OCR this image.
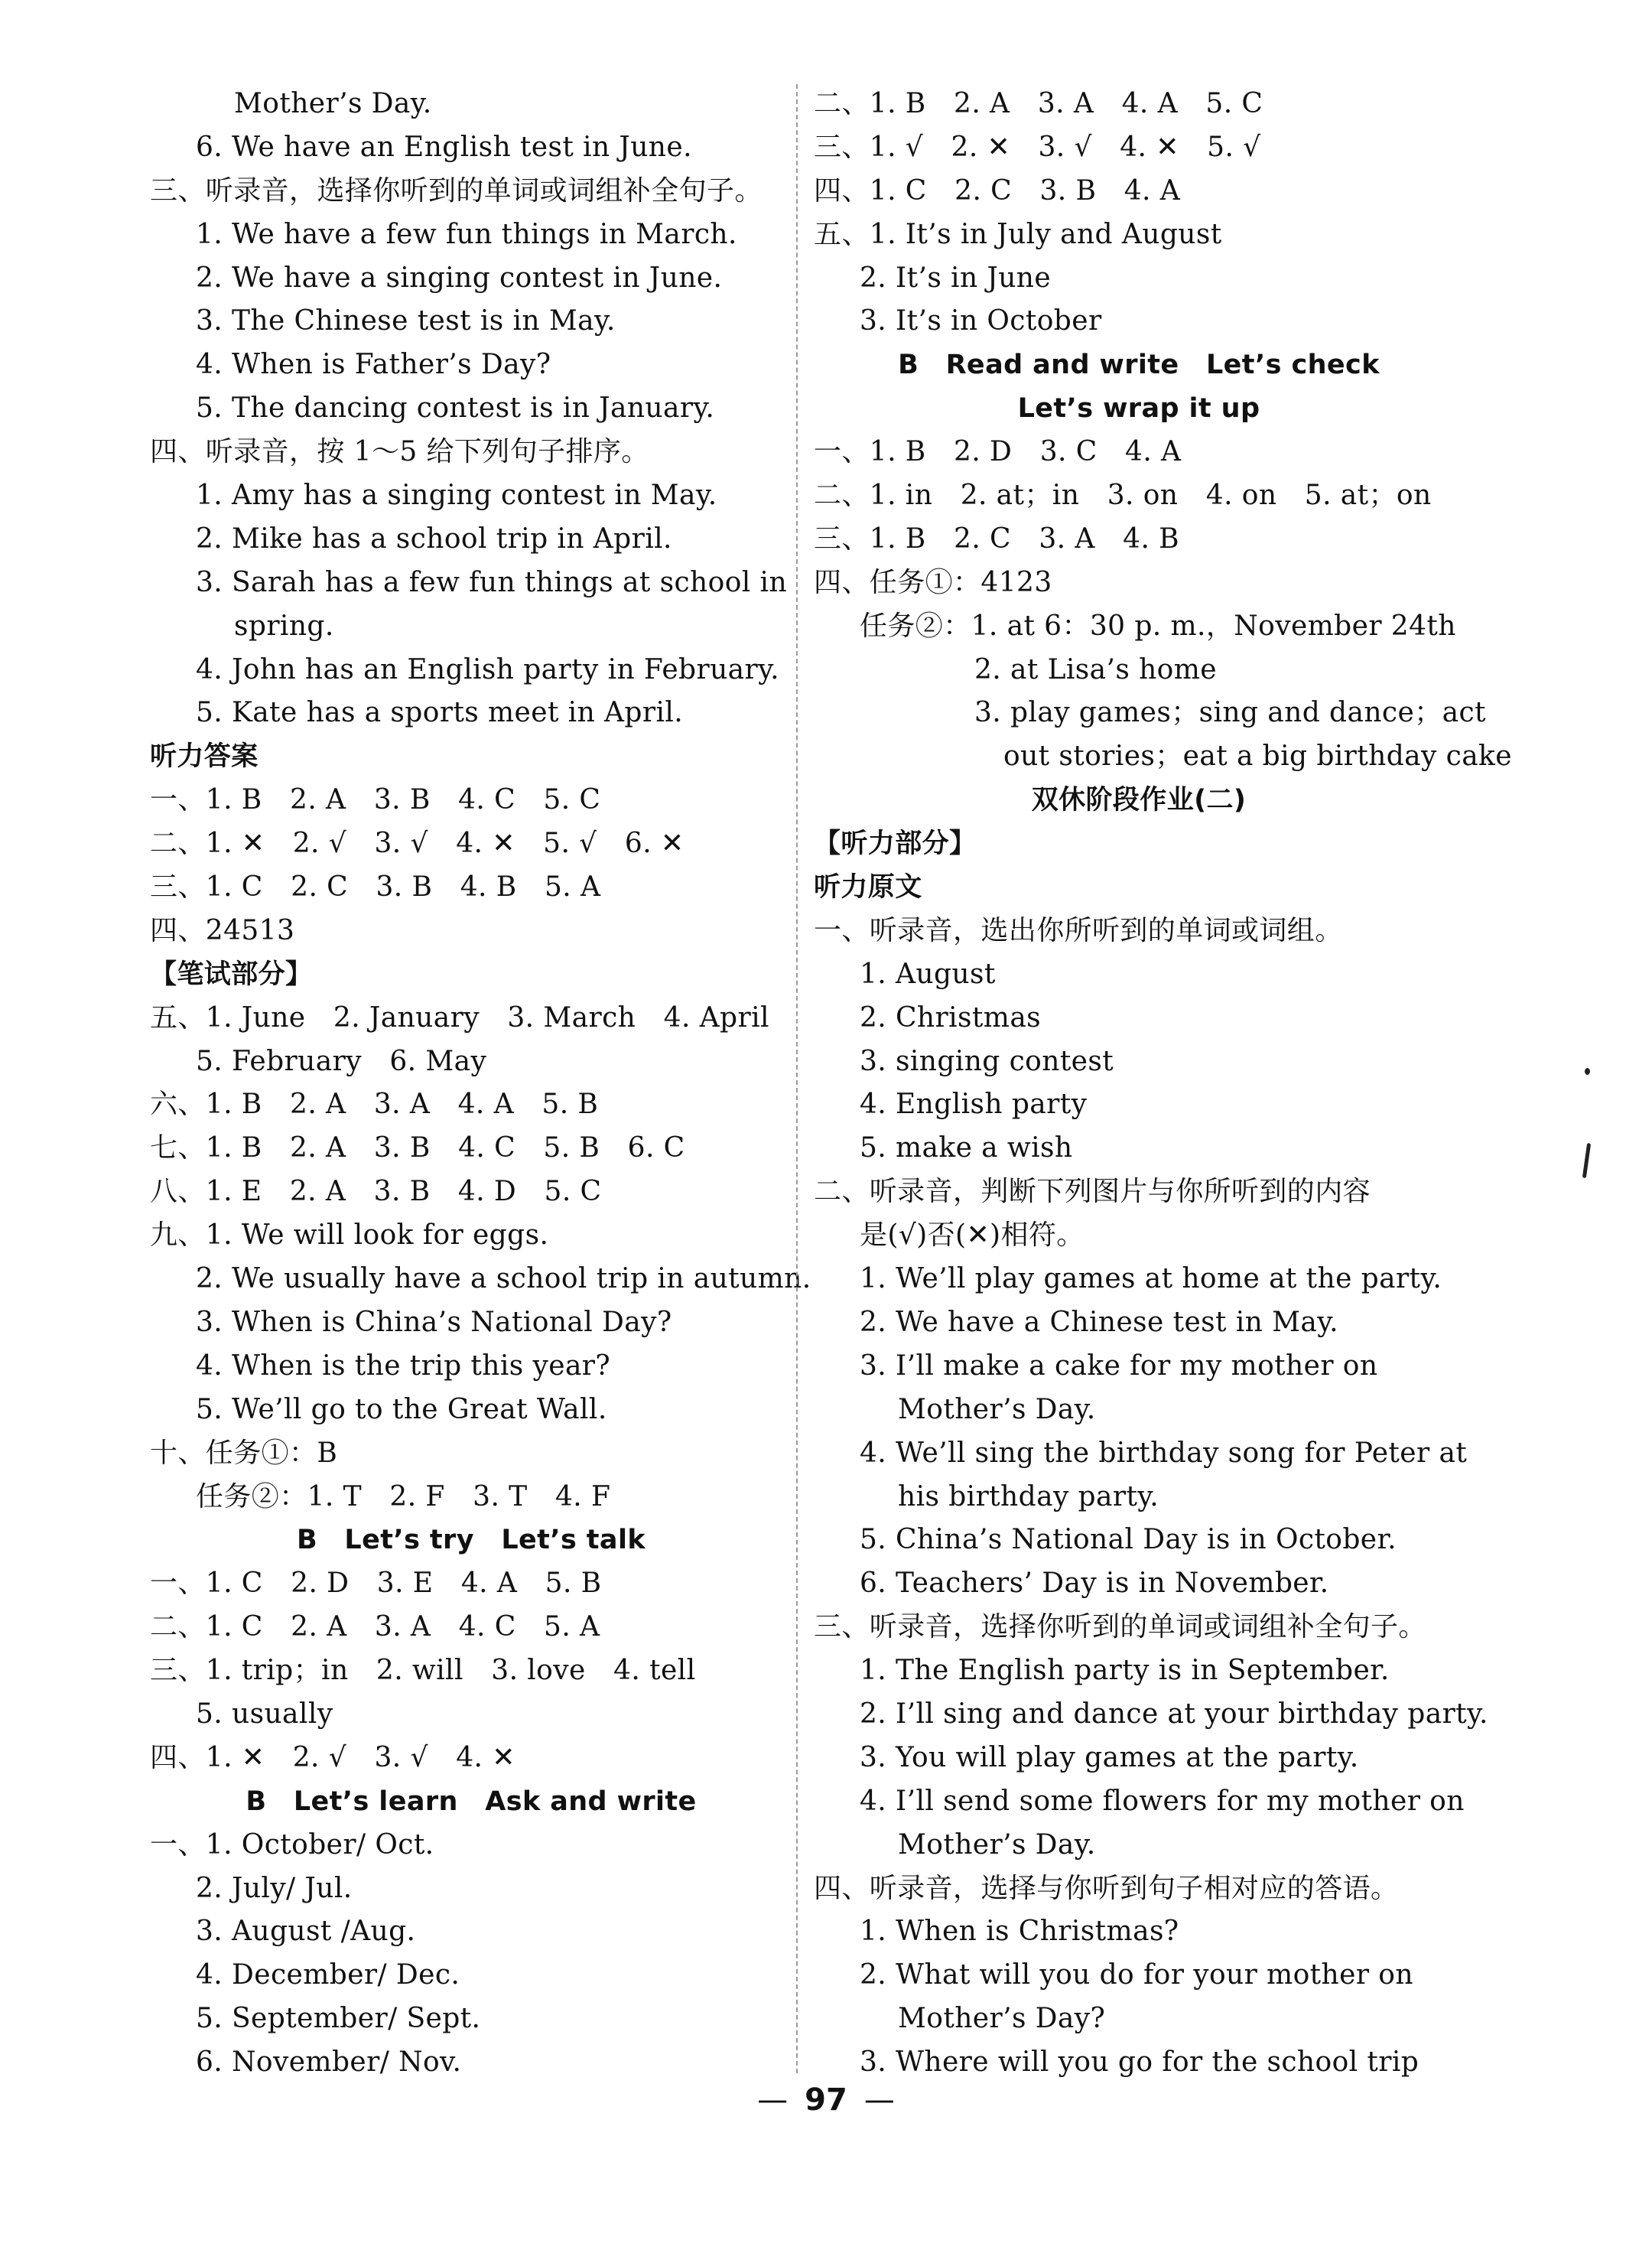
Mother’s Day.
6. We have an English test in June.
三、听录音，选择你听到的单词或词组补全句子。
1. We have a few fun things in March.
2. We have a singing contest in June.
3. The Chinese test is in May.
4. When is Father’s Day?
5. The dancing contest is in January.
四、听录音，按 1～5 给下列句子排序。
1. Amy has a singing contest in May.
2. Mike has a school trip in April.
3. Sarah has a few fun things at school in
spring.
4. John has an English party in February.
5. Kate has a sports meet in April.
听力答案
一、1. B　2. A　3. B　4. C　5. C
二、1. ✕　2. √　3. √　4. ✕　5. √　6. ✕
三、1. C　2. C　3. B　4. B　5. A
四、24513
【笔试部分】
五、1. June　2. January　3. March　4. April
5. February　6. May
六、1. B　2. A　3. A　4. A　5. B
七、1. B　2. A　3. B　4. C　5. B　6. C
八、1. E　2. A　3. B　4. D　5. C
九、1. We will look for eggs.
2. We usually have a school trip in autumn.
3. When is China’s National Day?
4. When is the trip this year?
5. We’ll go to the Great Wall.
十、任务①：B
任务②：1. T　2. F　3. T　4. F
B　Let’s try　Let’s talk
一、1. C　2. D　3. E　4. A　5. B
二、1. C　2. A　3. A　4. C　5. A
三、1. trip；in　2. will　3. love　4. tell
5. usually
四、1. ✕　2. √　3. √　4. ✕
B　Let’s learn　Ask and write
一、1. October/ Oct.
2. July/ Jul.
3. August /Aug.
4. December/ Dec.
5. September/ Sept.
6. November/ Nov.
二、1. B　2. A　3. A　4. A　5. C
三、1. √　2. ✕　3. √　4. ✕　5. √
四、1. C　2. C　3. B　4. A
五、1. It’s in July and August
2. It’s in June
3. It’s in October
B　Read and write　Let’s check
Let’s wrap it up
一、1. B　2. D　3. C　4. A
二、1. in　2. at；in　3. on　4. on　5. at；on
三、1. B　2. C　3. A　4. B
四、任务①：4123
任务②：1. at 6：30 p. m.，November 24th
2. at Lisa’s home
3. play games；sing and dance；act
out stories；eat a big birthday cake
双休阶段作业(二)
【听力部分】
听力原文
一、听录音，选出你所听到的单词或词组。
1. August
2. Christmas
3. singing contest
4. English party
5. make a wish
二、听录音，判断下列图片与你所听到的内容
是(√)否(✕)相符。
1. We’ll play games at home at the party.
2. We have a Chinese test in May.
3. I’ll make a cake for my mother on
Mother’s Day.
4. We’ll sing the birthday song for Peter at
his birthday party.
5. China’s National Day is in October.
6. Teachers’ Day is in November.
三、听录音，选择你听到的单词或词组补全句子。
1. The English party is in September.
2. I’ll sing and dance at your birthday party.
3. You will play games at the party.
4. I’ll send some flowers for my mother on
Mother’s Day.
四、听录音，选择与你听到句子相对应的答语。
1. When is Christmas?
2. What will you do for your mother on
Mother’s Day?
3. Where will you go for the school trip
— 97 —
